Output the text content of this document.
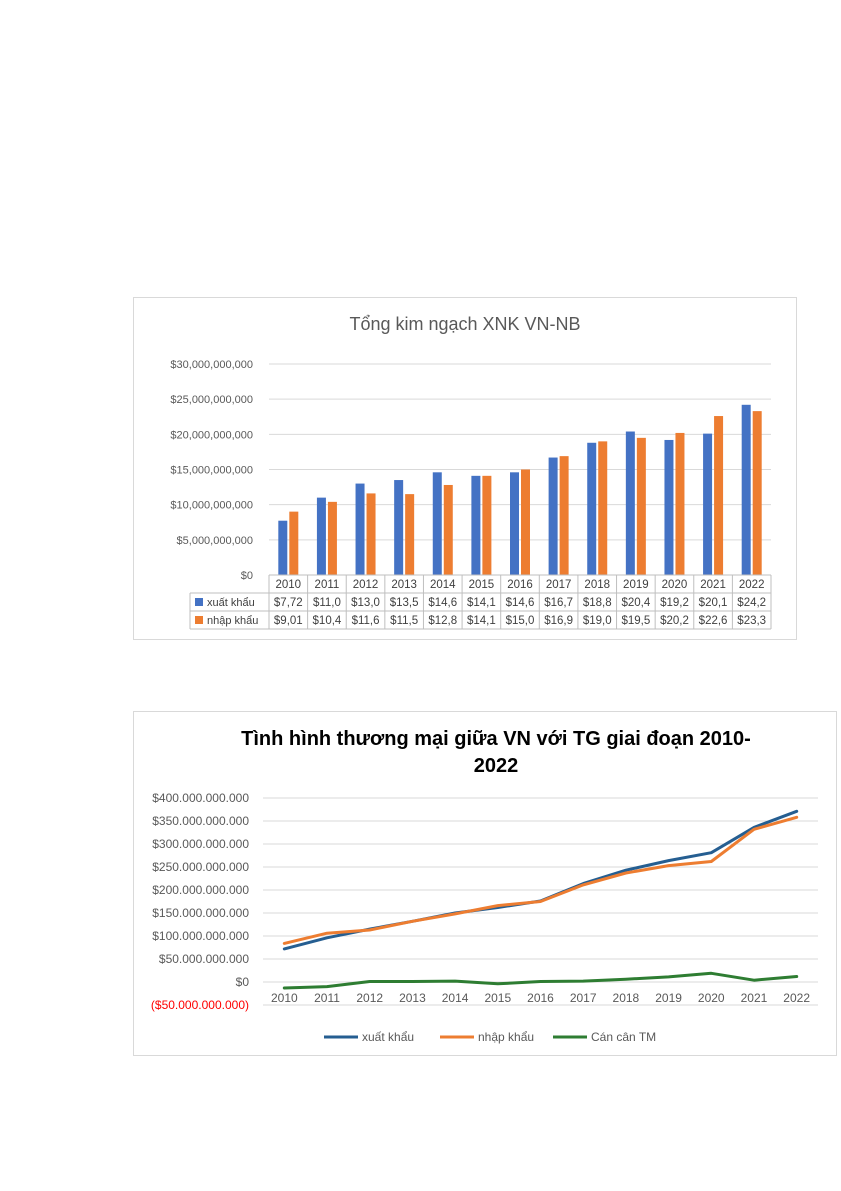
Tổng kim ngạch XNK VN-NB
$0
$5,000,000,000
$10,000,000,000
$15,000,000,000
$20,000,000,000
$25,000,000,000
$30,000,000,000
2010 2011 2012 2013 2014 2015 2016 2017 2018 2019 2020 2021 2022
xuất khẩu $7,72 $11,0 $13,0 $13,5 $14,6 $14,1 $14,6 $16,7 $18,8 $20,4 $19,2 $20,1 $24,2
nhập khẩu $9,01 $10,4 $11,6 $11,5 $12,8 $14,1 $15,0 $16,9 $19,0 $19,5 $20,2 $22,6 $23,3
Tình hình thương mại giữa VN với TG giai đoạn 2010-
2022
($50.000.000.000)
$0
$50.000.000.000
$100.000.000.000
$150.000.000.000
$200.000.000.000
$250.000.000.000
$300.000.000.000
$350.000.000.000
$400.000.000.000
2010 2011 2012 2013 2014 2015 2016 2017 2018 2019 2020 2021 2022
xuất khẩu	nhập khẩu	Cán cân TM
